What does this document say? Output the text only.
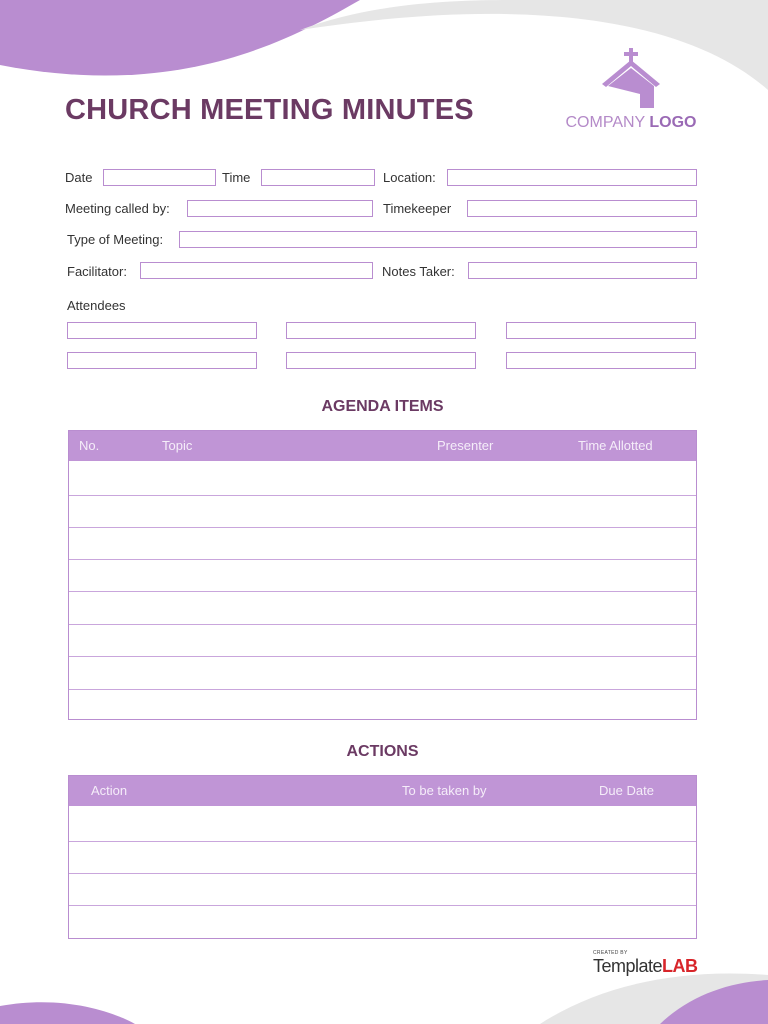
CHURCH MEETING MINUTES	COMPANY LOGO
Date	Time	Location:
Meeting called by:	Timekeeper
Type of Meeting:
Facilitator:	Notes Taker:
Attendees
AGENDA ITEMS
No.	Topic	Presenter	Time Allotted
ACTIONS
Action	To be taken by	Due Date
CREATED BY
TemplateLAB
